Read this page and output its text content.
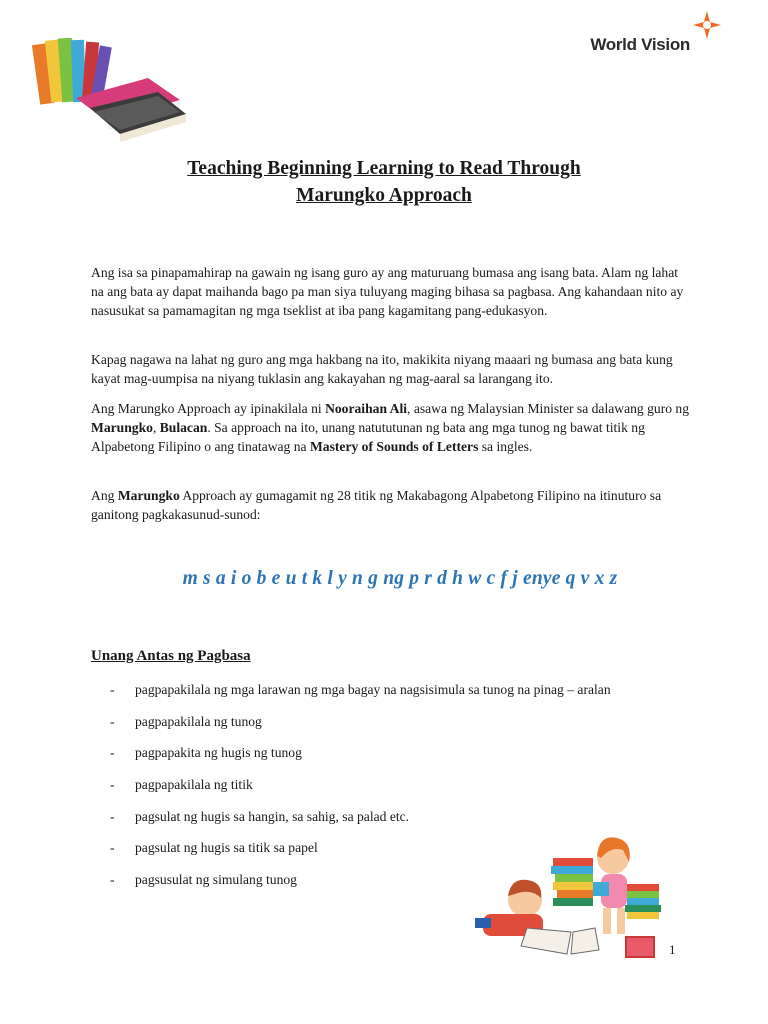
World Vision
Teaching Beginning Learning to Read Through
Marungko Approach

Ang isa sa pinapamahirap na gawain ng isang guro ay ang maturuang bumasa ang isang bata. Alam ng lahat na ang bata ay dapat maihanda bago pa man siya tuluyang maging bihasa sa pagbasa. Ang kahandaan nito ay nasusukat sa pamamagitan ng mga tseklist at iba pang kagamitang pang-edukasyon.

Kapag nagawa na lahat ng guro ang mga hakbang na ito, makikita niyang maaari ng bumasa ang bata kung kayat mag-uumpisa na niyang tuklasin ang kakayahan ng mag-aaral sa larangang ito.

Ang Marungko Approach ay ipinakilala ni Nooraihan Ali, asawa ng Malaysian Minister sa dalawang guro ng Marungko, Bulacan. Sa approach na ito, unang natututunan ng bata ang mga tunog ng bawat titik ng Alpabetong Filipino o ang tinatawag na Mastery of Sounds of Letters sa ingles.

Ang Marungko Approach ay gumagamit ng 28 titik ng Makabagong Alpabetong Filipino na itinuturo sa ganitong pagkakasunud-sunod:

m s a i o b e u t k l y n g ng p r d h w c f j enye q v x z
Unang Antas ng Pagbasa
- pagpapakilala ng mga larawan ng mga bagay na nagsisimula sa tunog na pinag – aralan
- pagpapakilala ng tunog
- pagpapakita ng hugis ng tunog
- pagpapakilala ng titik
- pagsulat ng hugis sa hangin, sa sahig, sa palad etc.
- pagsulat ng hugis sa titik sa papel
- pagsusulat ng simulang tunog
1
